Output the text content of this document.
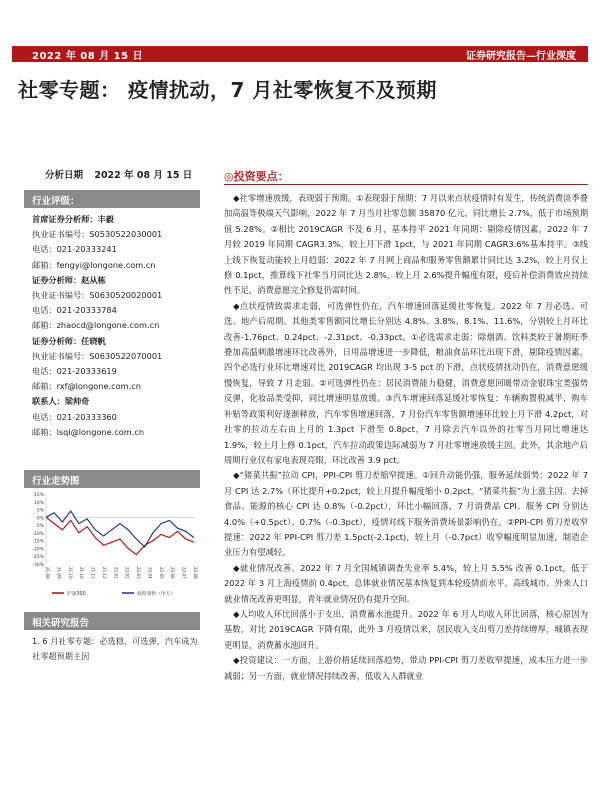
2022 年 08 月 15 日	证券研究报告—行业深度
社零专题： 疫情扰动，7 月社零恢复不及预期
分析日期 2022 年 08 月 15 日
行业评级：
首席证券分析师：丰毅
执业证书编号：S0530522030001
电话：021-20333241
邮箱：fengyi@longone.com.cn
证券分析师：赵从栋
执业证书编号：S0630520020001
电话：021-20333784
邮箱：zhaocd@longone.com.cn
证券分析师：任晓帆
执业证书编号：S0630522070001
电话：021-20333619
邮箱：rxf@longone.com.cn
联系人：梁帅奇
电话：021-20333360
邮箱：lsqi@longone.com.cn
行业走势图
15%
10%
5%
0%
-5%
-10%
-15%
-20%
-25%
-30%
21-08 21-09 21-10 21-10 21-11 21-12 22-01 22-02 22-03 22-04 22-05 22-06 22-07 22-08
沪深300	商贸零售（申万）
相关研究报告
1. 6 月社零专题：必选稳，可选弹，汽车成为社零超预期主因
◎投资要点：

◆社零增速放缓，表现弱于预期。①表现弱于预期：7 月以来点状疫情时有发生，传统消费淡季叠加高温等极端天气影响，2022 年 7 月当月社零总额 35870 亿元，同比增长 2.7%，低于市场预期值 5.28%。②相比 2019CAGR 不及 6 月，基本持平 2021 年同期：剔除疫情因素，2022 年 7 月较 2019 年同期 CAGR3.3%，较上月下滑 1pct，与 2021 年同期 CAGR3.6%基本持平。③线上线下恢复动能较上月趋弱：2022 年 7 月网上商品和服务零售额累计同比达 3.2%，较上月仅上修 0.1pct，推算线下社零当月同比达 2.8%，较上月 2.6%提升幅度有限，疫后补偿消费效应持续性不足，消费意愿完全修复仍需时间。

◆点状疫情致需求走弱，可选弹性仍在，汽车增速回落延缓社零恢复。2022 年 7 月必选、可选、地产后周期、其他类零售额同比增长分别达 4.8%、3.8%、8.1%、11.6%，分别较上月环比改善-1.76pct、0.24pct、-2.31pct、-0.33pct。①必选需求走弱：除烟酒、饮料类较于暑期旺季叠加高温刺激增速环比改善外，日用品增速进一步降低，粮油食品环比出现下滑，剔除疫情因素，四个必选行业环比增速对比 2019CAGR 均出现 3-5 pct 的下滑，点状疫情扰动仍在，消费意愿缓慢恢复，导致 7 月走弱。②可选弹性仍在：居民消费能力稳健，消费意愿回暖带动金银珠宝类强势反弹，化妆品类受抑，同比增速明显放缓。③汽车增速回落延缓社零恢复：车辆购置税减半、购车补贴等政策利好逐渐释放，汽车零售增速回落，7 月份汽车零售额增速环比较上月下滑 4.2pct，对社零的拉动左右由上月的 1.3pct 下滑至 0.8pct，7 月除去汽车以外的社零当月同比增速达 1.9%，较上月上修 0.1pct，汽车拉动政策边际减弱为 7 月社零增速放缓主因。此外，其余地产后周期行业仅有家电表现亮眼，环比改善 3.9 pct。

◆“猪菜共振”拉动 CPI，PPI-CPI 剪刀差缩窄提速。①回升动能仍强，服务延续弱势：2022 年 7 月 CPI 达 2.7%（环比提升+0.2pct，较上月提升幅度缩小 0.2pct，“猪菜共振”为上涨主因。去掉食品、能源的核心 CPI 达 0.8%（-0.2pct），环比小幅回落，7 月消费品 CPI、服务 CPI 分别达 4.0%（+0.5pct）、0.7%（-0.3pct），疫情对线下服务消费场景影响仍在。②PPI-CPI 剪刀差收窄提速：2022 年 PPI-CPI 剪刀差 1.5pct(-2.1pct)，较上月（-0.7pct）收窄幅度明显加速，制造企业压力有望减轻。

◆就业情况改善。2022 年 7 月全国城镇调查失业率 5.4%，较上月 5.5% 改善 0.1pct，低于 2022 年 3 月上海疫情前 0.4pct，总体就业情况基本恢复到本轮疫情前水平。高线城市、外来人口就业情况改善更明显，青年就业情况仍有提升空间。

◆人均收入环比回落小于支出，消费蓄水池提升。2022 年 6 月人均收入环比回落，核心原因为基数，对比 2019CAGR 下降有限，此外 3 月疫情以来，居民收入支出剪刀差持续增厚，城镇表现更明显，消费蓄水池回升。

◆投资建议：一方面，上游价格延续回落趋势，带动 PPI-CPI 剪刀差收窄提速，成本压力进一步减弱；另一方面，就业情况持续改善，低收入人群就业
